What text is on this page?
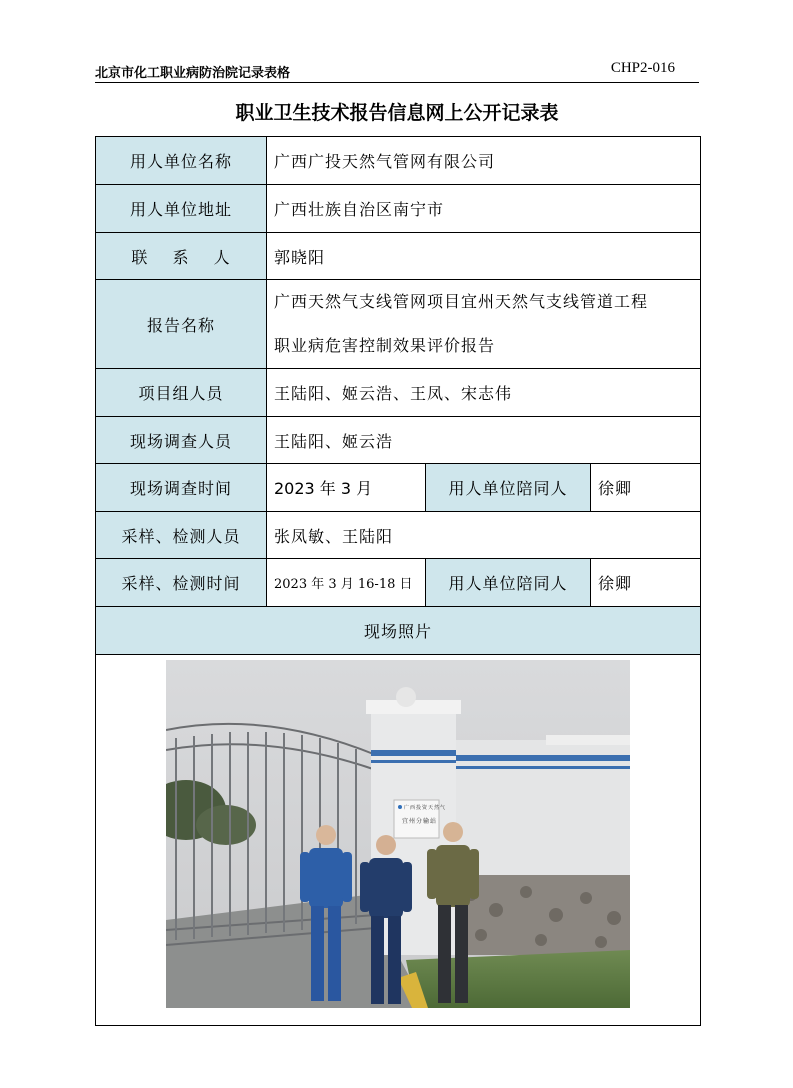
北京市化工职业病防治院记录表格	CHP2-016
职业卫生技术报告信息网上公开记录表
用人单位名称	广西广投天然气管网有限公司		
用人单位地址	广西壮族自治区南宁市		
联 系 人	郭晓阳		
报告名称	广西天然气支线管网项目宜州天然气支线管道工程
职业病危害控制效果评价报告		

项目组人员	王陆阳、姬云浩、王凤、宋志伟		
现场调查人员	王陆阳、姬云浩		
现场调查时间	2023 年 3 月	用人单位陪同人	徐卿
采样、检测人员	张凤敏、王陆阳		
采样、检测时间	2023 年 3 月 16-18 日	用人单位陪同人	徐卿
现场照片			

广西投资天然气
宜州分输站			
